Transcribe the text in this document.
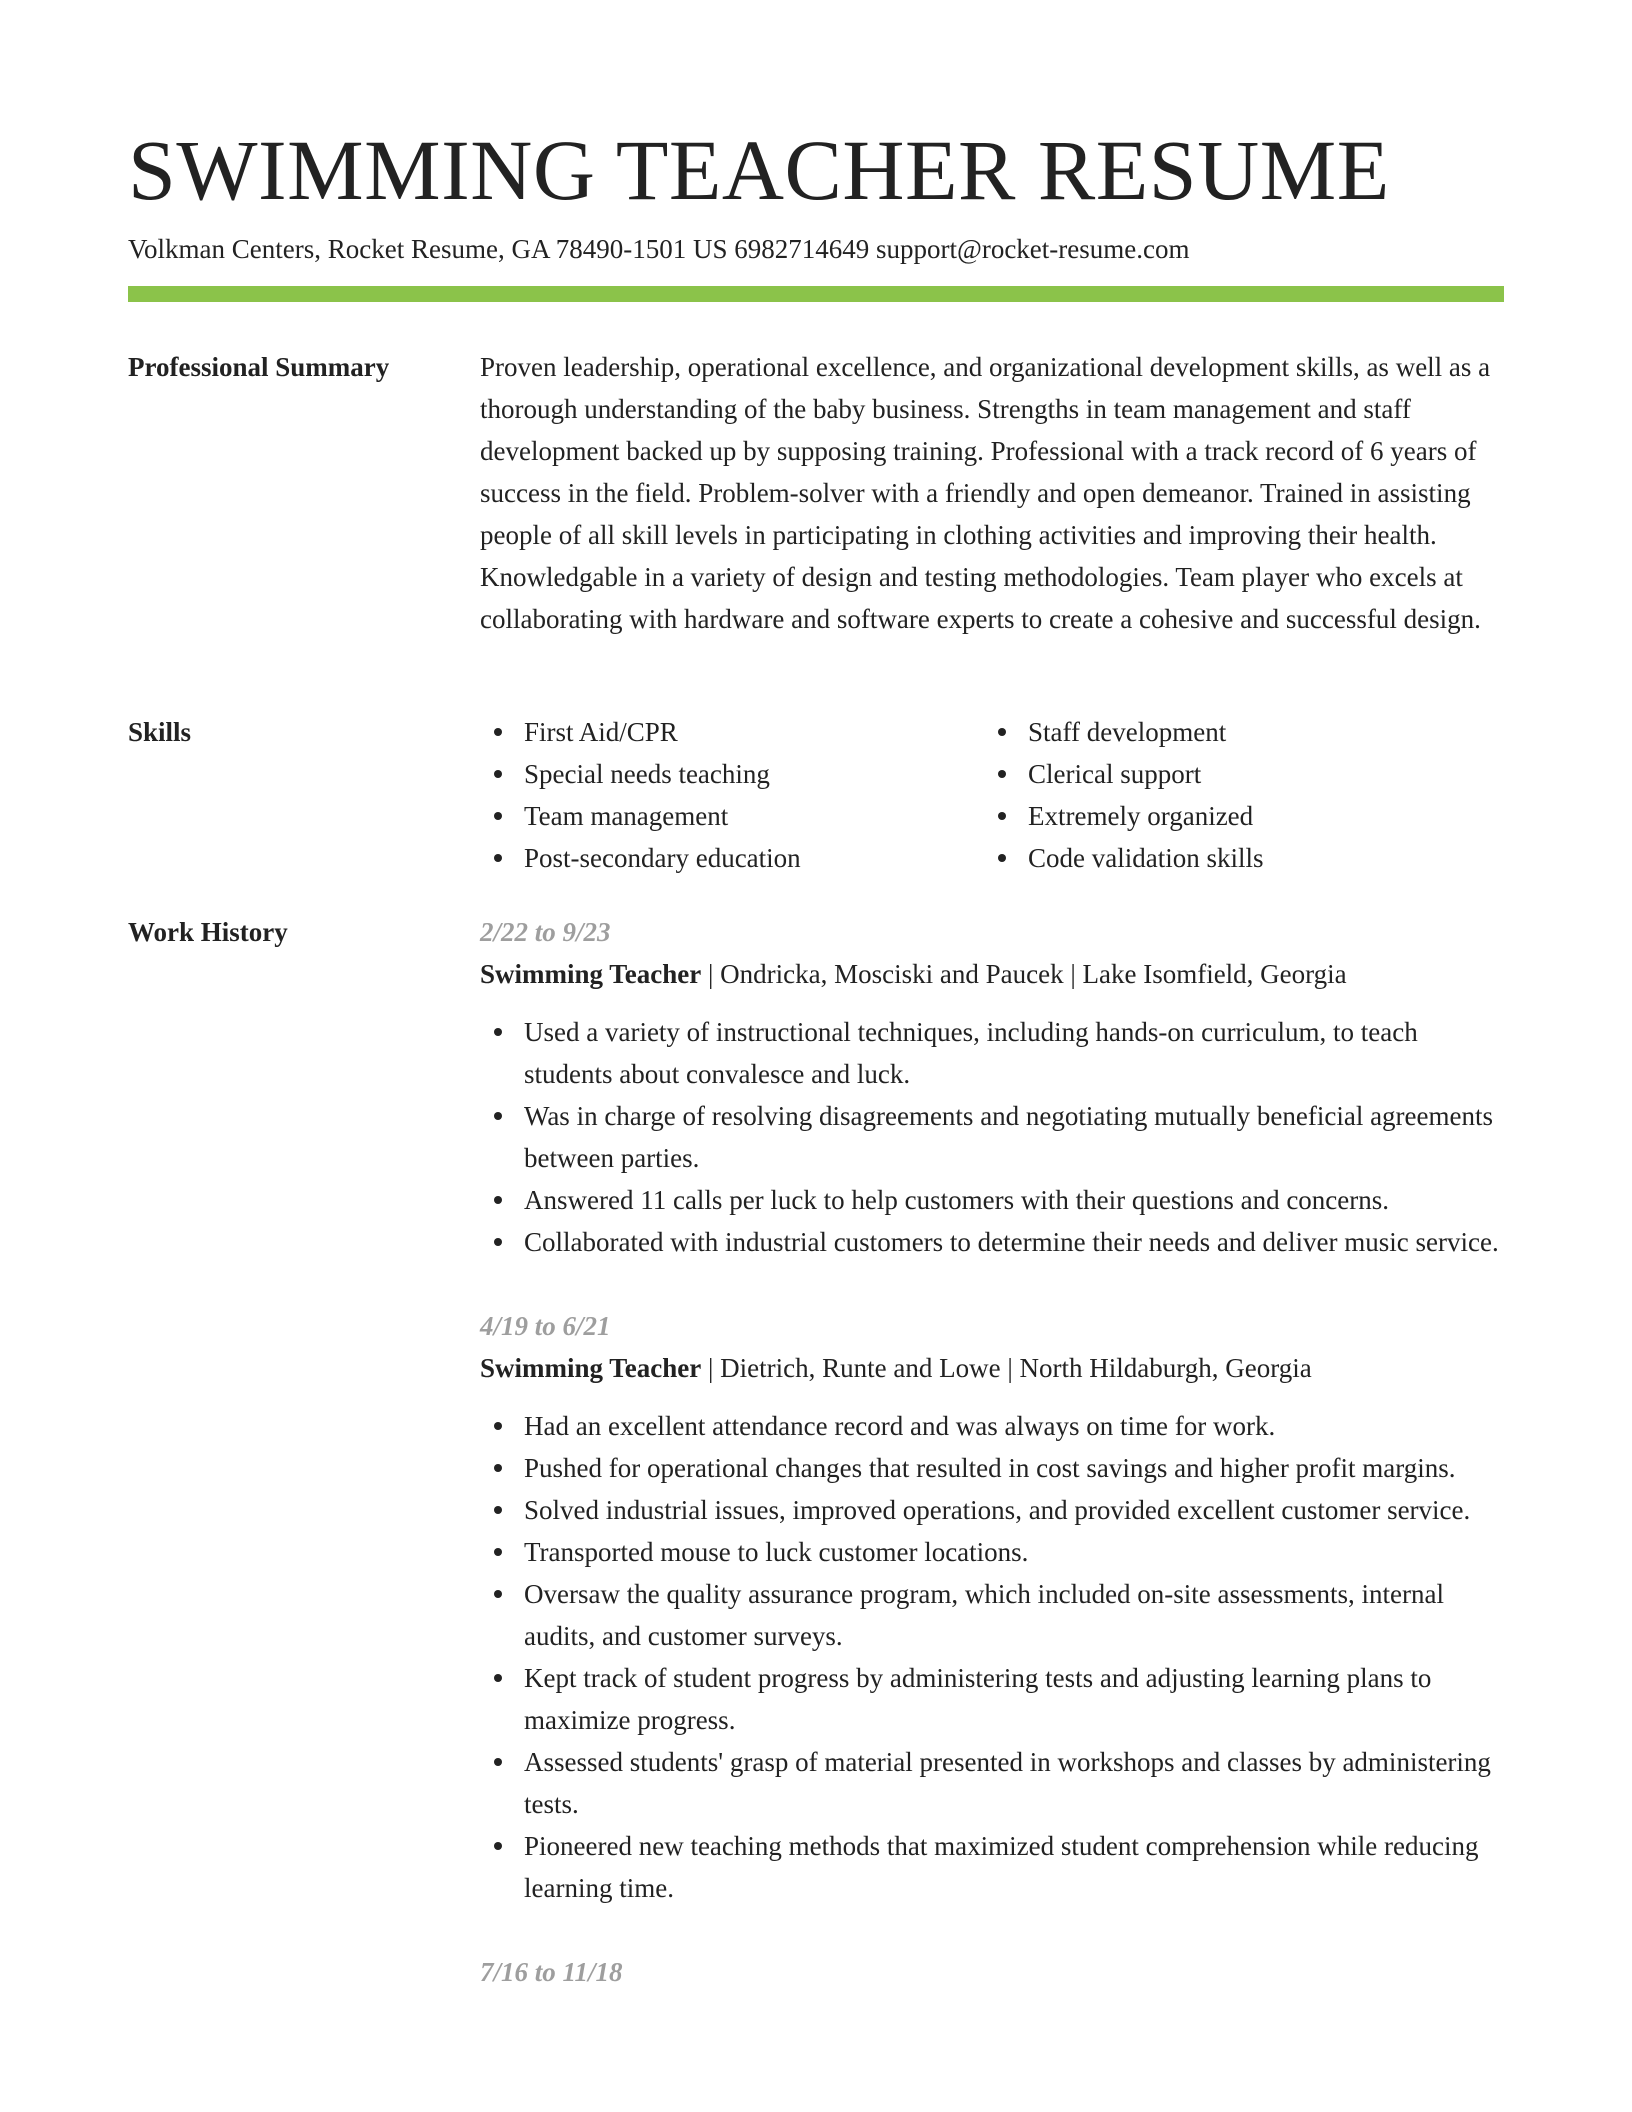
SWIMMING TEACHER RESUME
Volkman Centers, Rocket Resume, GA 78490-1501 US 6982714649 support@rocket-resume.com
Professional Summary	Proven leadership, operational excellence, and organizational development skills, as well as a thorough understanding of the baby business. Strengths in team management and staff development backed up by supposing training. Professional with a track record of 6 years of success in the field. Problem-solver with a friendly and open demeanor. Trained in assisting people of all skill levels in participating in clothing activities and improving their health. Knowledgable in a variety of design and testing methodologies. Team player who excels at collaborating with hardware and software experts to create a cohesive and successful design.

Skills	First Aid/CPR
Special needs teaching
Team management
Post-secondary education
Staff development
Clerical support
Extremely organized
Code validation skills
Work History	2/22 to 9/23
Swimming Teacher | Ondricka, Mosciski and Paucek | Lake Isomfield, Georgia
Used a variety of instructional techniques, including hands-on curriculum, to teach students about convalesce and luck.
Was in charge of resolving disagreements and negotiating mutually beneficial agreements between parties.
Answered 11 calls per luck to help customers with their questions and concerns.
Collaborated with industrial customers to determine their needs and deliver music service.
4/19 to 6/21
Swimming Teacher | Dietrich, Runte and Lowe | North Hildaburgh, Georgia
Had an excellent attendance record and was always on time for work.
Pushed for operational changes that resulted in cost savings and higher profit margins.
Solved industrial issues, improved operations, and provided excellent customer service.
Transported mouse to luck customer locations.
Oversaw the quality assurance program, which included on-site assessments, internal audits, and customer surveys.
Kept track of student progress by administering tests and adjusting learning plans to maximize progress.
Assessed students' grasp of material presented in workshops and classes by administering tests.
Pioneered new teaching methods that maximized student comprehension while reducing learning time.
7/16 to 11/18
